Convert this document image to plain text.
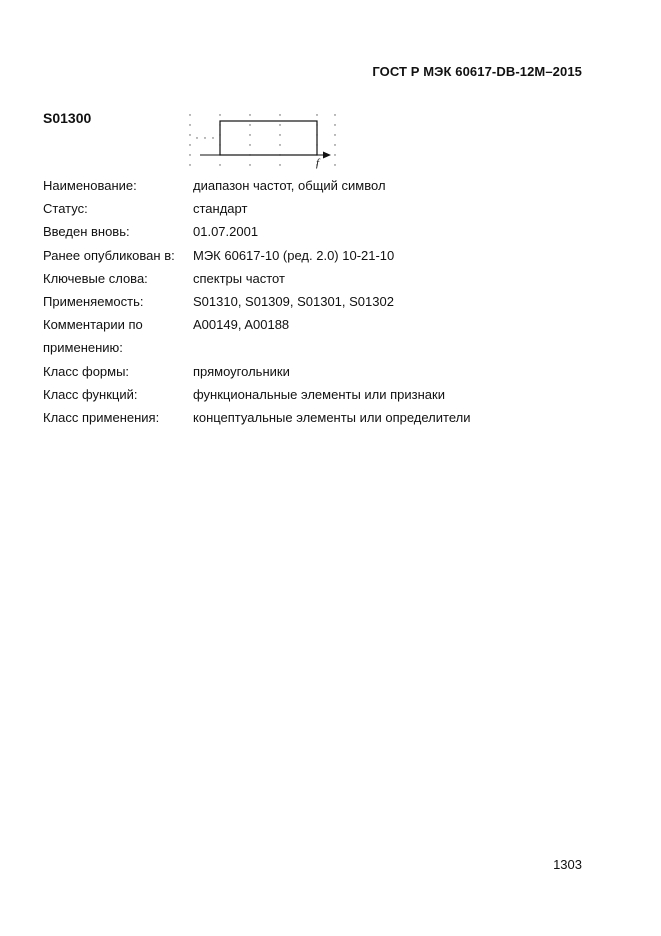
ГОСТ Р МЭК 60617-DB-12M–2015
S01300
f
Наименование:	диапазон частот, общий символ
Статус:	стандарт
Введен вновь:	01.07.2001
Ранее опубликован в:	МЭК 60617-10 (ред. 2.0) 10-21-10
Ключевые слова:	спектры частот
Применяемость:	S01310, S01309, S01301, S01302
Комментарии по	A00149, A00188
применению:
Класс формы:	прямоугольники
Класс функций:	функциональные элементы или признаки
Класс применения:	концептуальные элементы или определители
1303
